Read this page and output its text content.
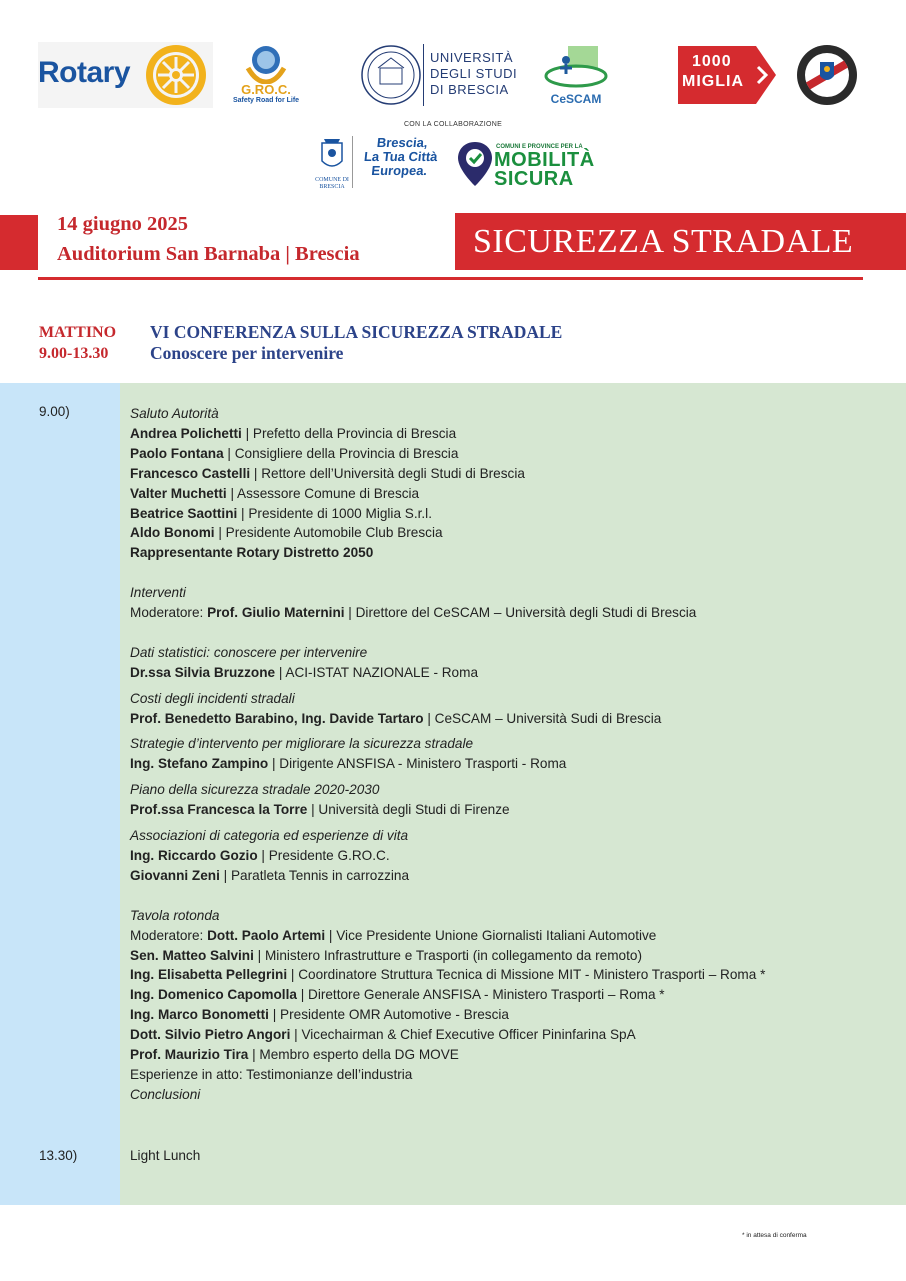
Rotary
G.RO.C.
Safety Road for Life
UNIVERSITÀ
DEGLI STUDI
DI BRESCIA
CeSCAM
1000
MIGLIA
CON LA COLLABORAZIONE
COMUNE DI BRESCIA
Brescia,
La Tua Città
Europea.
COMUNI E PROVINCE PER LA
MOBILITÀ
SICURA
14 giugno 2025
Auditorium San Barnaba | Brescia	SICUREZZA STRADALE
MATTINO
9.00-13.30
VI CONFERENZA SULLA SICUREZZA STRADALE
Conoscere per intervenire
9.00)	Saluto Autorità
Andrea Polichetti | Prefetto della Provincia di Brescia
Paolo Fontana | Consigliere della Provincia di Brescia
Francesco Castelli | Rettore dell’Università degli Studi di Brescia
Valter Muchetti | Assessore Comune di Brescia
Beatrice Saottini | Presidente di 1000 Miglia S.r.l.
Aldo Bonomi | Presidente Automobile Club Brescia
Rappresentante Rotary Distretto 2050
Interventi
Moderatore: Prof. Giulio Maternini | Direttore del CeSCAM – Università degli Studi di Brescia
Dati statistici: conoscere per intervenire
Dr.ssa Silvia Bruzzone | ACI-ISTAT NAZIONALE - Roma
Costi degli incidenti stradali
Prof. Benedetto Barabino, Ing. Davide Tartaro | CeSCAM – Università Sudi di Brescia
Strategie d’intervento per migliorare la sicurezza stradale
Ing. Stefano Zampino | Dirigente ANSFISA - Ministero Trasporti - Roma
Piano della sicurezza stradale 2020-2030
Prof.ssa Francesca la Torre | Università degli Studi di Firenze
Associazioni di categoria ed esperienze di vita
Ing. Riccardo Gozio | Presidente G.RO.C.
Giovanni Zeni | Paratleta Tennis in carrozzina
Tavola rotonda
Moderatore: Dott. Paolo Artemi | Vice Presidente Unione Giornalisti Italiani Automotive
Sen. Matteo Salvini | Ministero Infrastrutture e Trasporti (in collegamento da remoto)
Ing. Elisabetta Pellegrini | Coordinatore Struttura Tecnica di Missione MIT - Ministero Trasporti – Roma *
Ing. Domenico Capomolla | Direttore Generale ANSFISA - Ministero Trasporti – Roma *
Ing. Marco Bonometti | Presidente OMR Automotive - Brescia
Dott. Silvio Pietro Angori | Vicechairman & Chief Executive Officer Pininfarina SpA
Prof. Maurizio Tira | Membro esperto della DG MOVE
Esperienze in atto: Testimonianze dell’industria
Conclusioni
13.30)	Light Lunch
* in attesa di conferma
